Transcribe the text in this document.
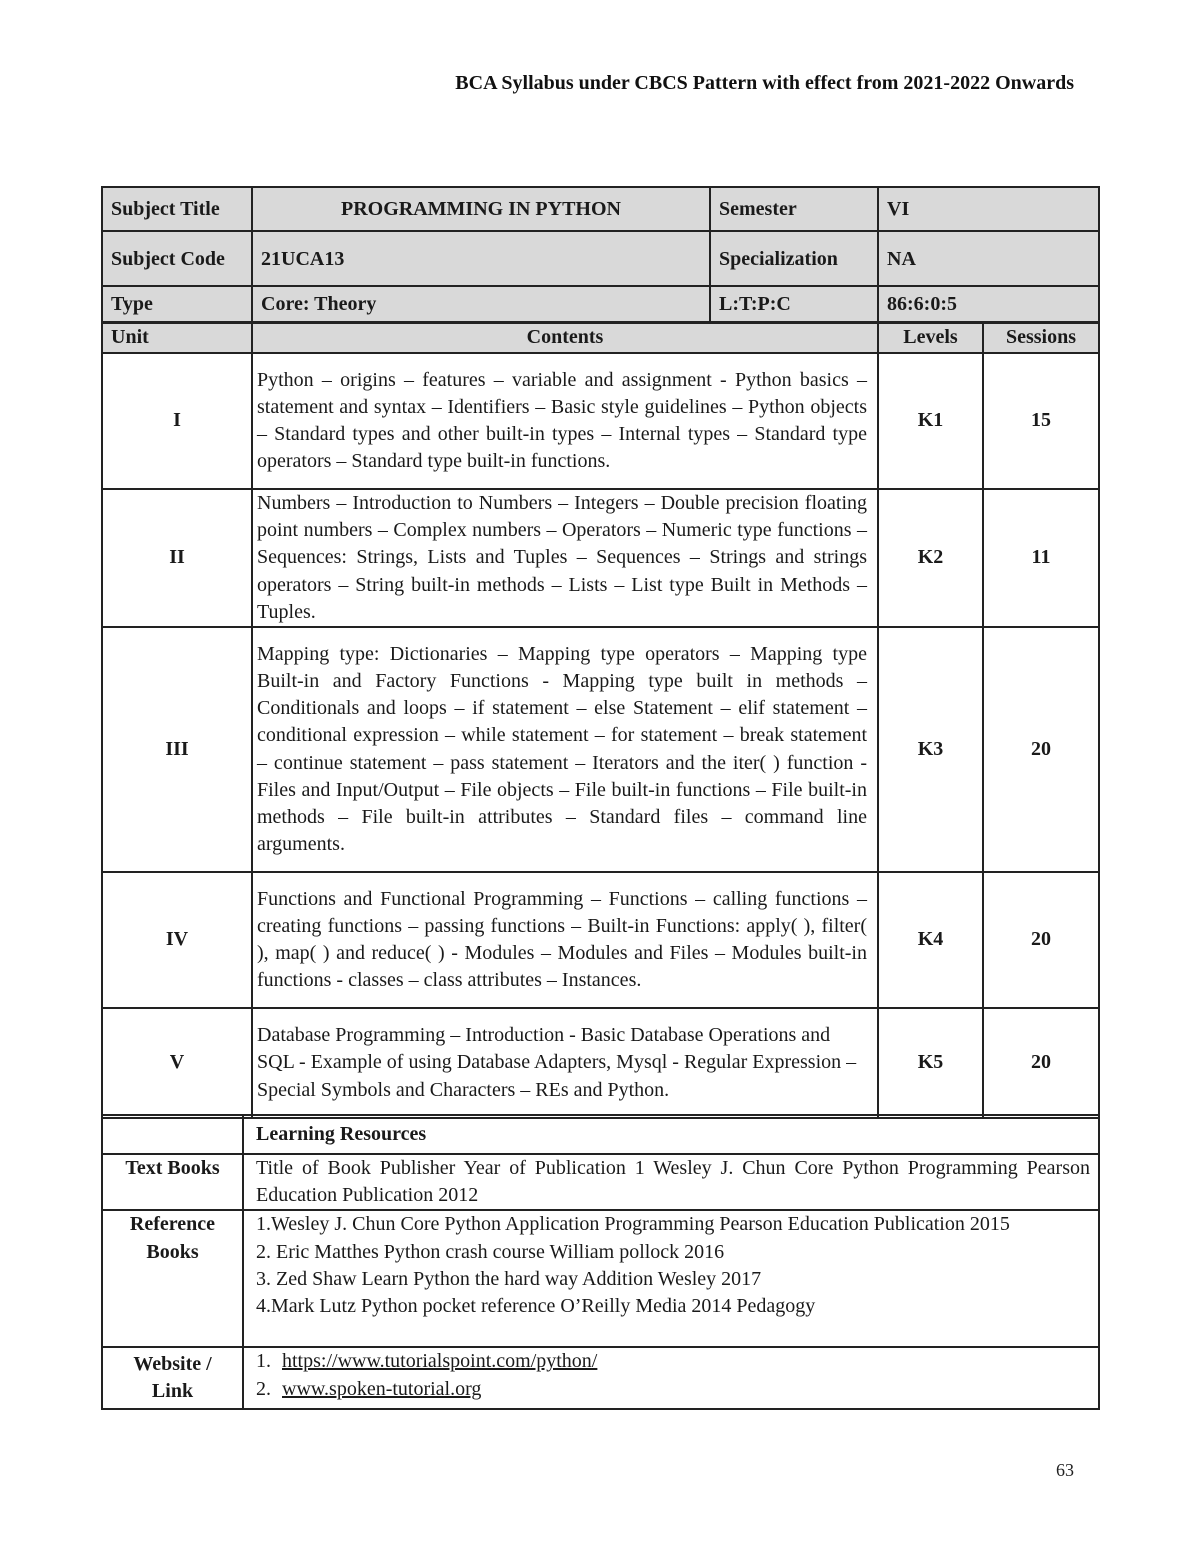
BCA Syllabus under CBCS Pattern with effect from 2021-2022 Onwards
Subject Title	PROGRAMMING IN PYTHON	Semester	VI
Subject Code	21UCA13	Specialization	NA
Type	Core: Theory	L:T:P:C	86:6:0:5
Unit	Contents	Levels	Sessions
I	Python – origins – features – variable and assignment - Python basics – statement and syntax – Identifiers – Basic style guidelines – Python objects – Standard types and other built-in types – Internal types – Standard type operators – Standard type built-in functions.	K1	15
II	Numbers – Introduction to Numbers – Integers – Double precision floating point numbers – Complex numbers – Operators – Numeric type functions – Sequences: Strings, Lists and Tuples – Sequences – Strings and strings operators – String built-in methods – Lists – List type Built in Methods – Tuples.	K2	11
III	Mapping type: Dictionaries – Mapping type operators – Mapping type Built-in and Factory Functions - Mapping type built in methods – Conditionals and loops – if statement – else Statement – elif statement – conditional expression – while statement – for statement – break statement – continue statement – pass statement – Iterators and the iter( ) function - Files and Input/Output – File objects – File built-in functions – File built-in methods – File built-in attributes – Standard files – command line arguments.	K3	20
IV	Functions and Functional Programming – Functions – calling functions – creating functions – passing functions – Built-in Functions: apply( ), filter( ), map( ) and reduce( ) - Modules – Modules and Files – Modules built-in functions - classes – class attributes – Instances.	K4	20
V	Database Programming – Introduction - Basic Database Operations and SQL - Example of using Database Adapters, Mysql - Regular Expression – Special Symbols and Characters – REs and Python.	K5	20
	Learning Resources
Text Books	Title of Book Publisher Year of Publication 1 Wesley J. Chun Core Python Programming Pearson Education Publication 2012
Reference Books	1.Wesley J. Chun Core Python Application Programming Pearson Education Publication 2015
2. Eric Matthes Python crash course William pollock 2016
3. Zed Shaw Learn Python the hard way Addition Wesley 2017
4.Mark Lutz Python pocket reference O’Reilly Media 2014 Pedagogy

Website / Link	1. https://www.tutorialspoint.com/python/
2. www.spoken-tutorial.org
63
